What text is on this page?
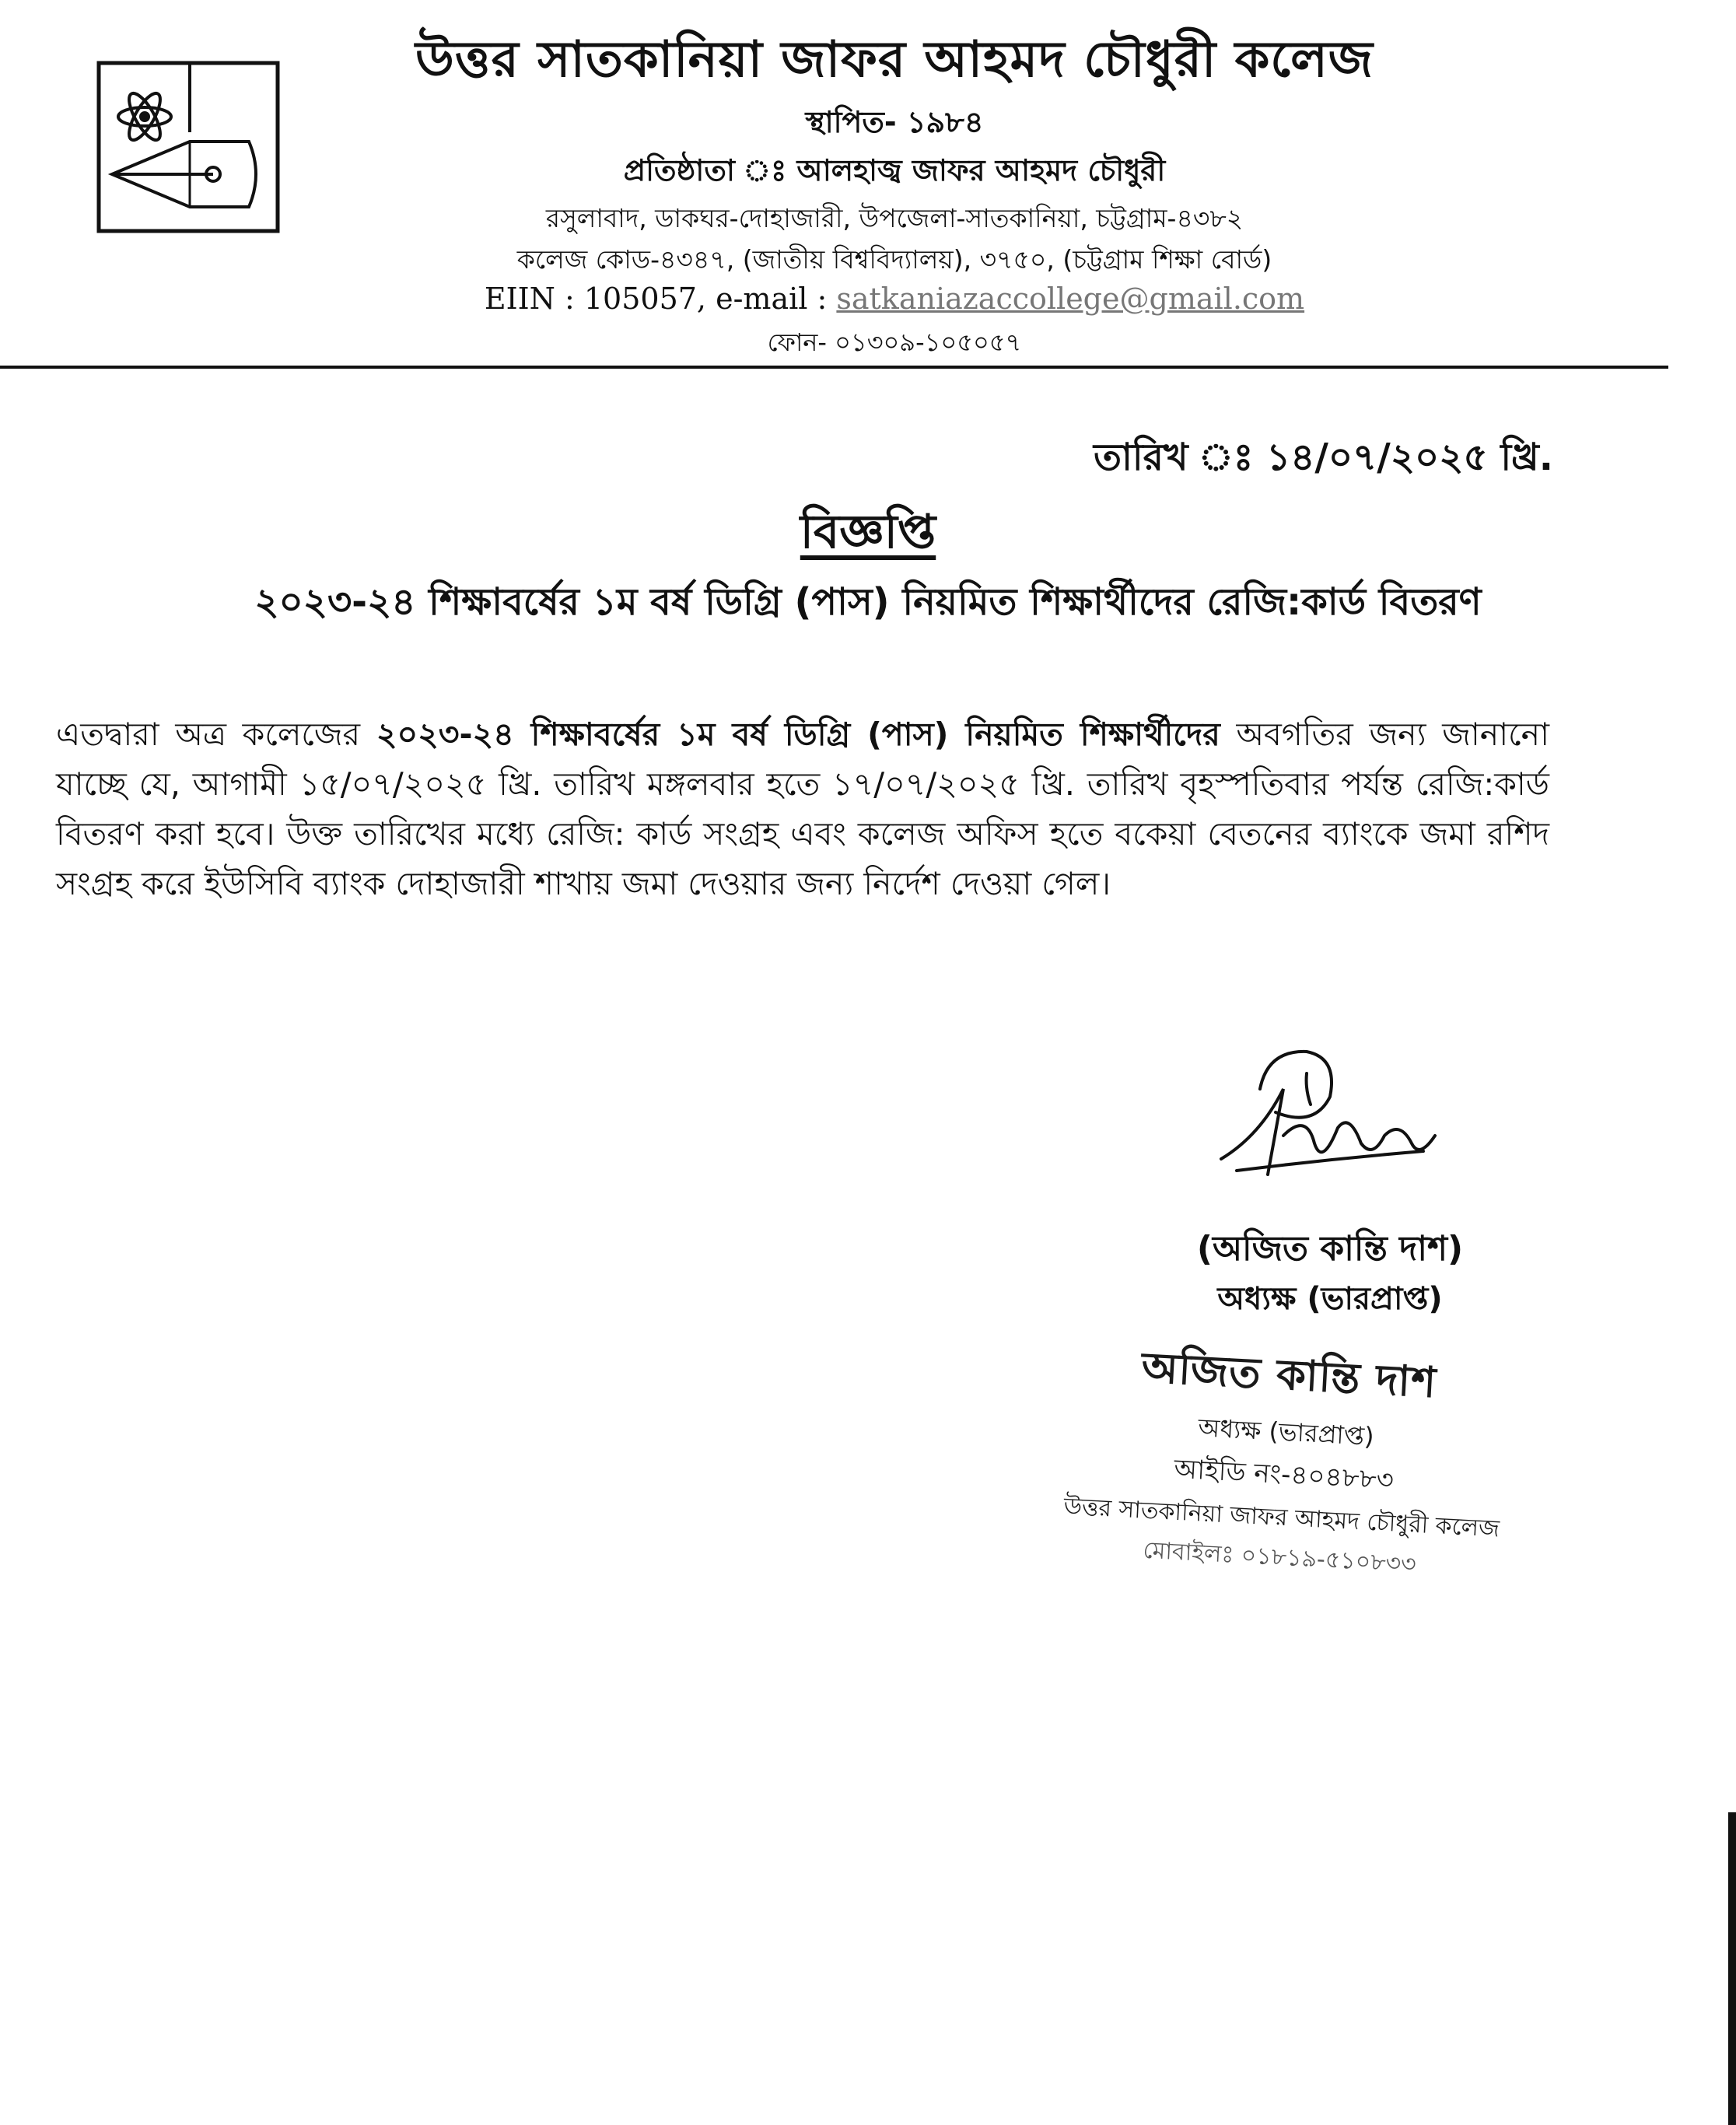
উত্তর সাতকানিয়া জাফর আহমদ চৌধুরী কলেজ
স্থাপিত- ১৯৮৪
প্রতিষ্ঠাতা ঃ আলহাজ্ব জাফর আহমদ চৌধুরী
রসুলাবাদ, ডাকঘর-দোহাজারী, উপজেলা-সাতকানিয়া, চট্টগ্রাম-৪৩৮২
কলেজ কোড-৪৩৪৭, (জাতীয় বিশ্ববিদ্যালয়), ৩৭৫০, (চট্টগ্রাম শিক্ষা বোর্ড)
EIIN : 105057, e-mail : satkaniazaccollege@gmail.com
ফোন- ০১৩০৯-১০৫০৫৭
তারিখ ঃ ১৪/০৭/২০২৫ খ্রি.
বিজ্ঞপ্তি
২০২৩-২৪ শিক্ষাবর্ষের ১ম বর্ষ ডিগ্রি (পাস) নিয়মিত শিক্ষার্থীদের রেজি:কার্ড বিতরণ
এতদ্বারা অত্র কলেজের ২০২৩-২৪ শিক্ষাবর্ষের ১ম বর্ষ ডিগ্রি (পাস) নিয়মিত শিক্ষার্থীদের অবগতির জন্য জানানো যাচ্ছে যে, আগামী ১৫/০৭/২০২৫ খ্রি. তারিখ মঙ্গলবার হতে ১৭/০৭/২০২৫ খ্রি. তারিখ বৃহস্পতিবার পর্যন্ত রেজি:কার্ড বিতরণ করা হবে। উক্ত তারিখের মধ্যে রেজি: কার্ড সংগ্রহ এবং কলেজ অফিস হতে বকেয়া বেতনের ব্যাংকে জমা রশিদ সংগ্রহ করে ইউসিবি ব্যাংক দোহাজারী শাখায় জমা দেওয়ার জন্য নির্দেশ দেওয়া গেল।
(অজিত কান্তি দাশ)
অধ্যক্ষ (ভারপ্রাপ্ত)
অজিত কান্তি দাশ
অধ্যক্ষ (ভারপ্রাপ্ত)
আইডি নং-৪০৪৮৮৩
উত্তর সাতকানিয়া জাফর আহমদ চৌধুরী কলেজ
মোবাইলঃ ০১৮১৯-৫১০৮৩৩
